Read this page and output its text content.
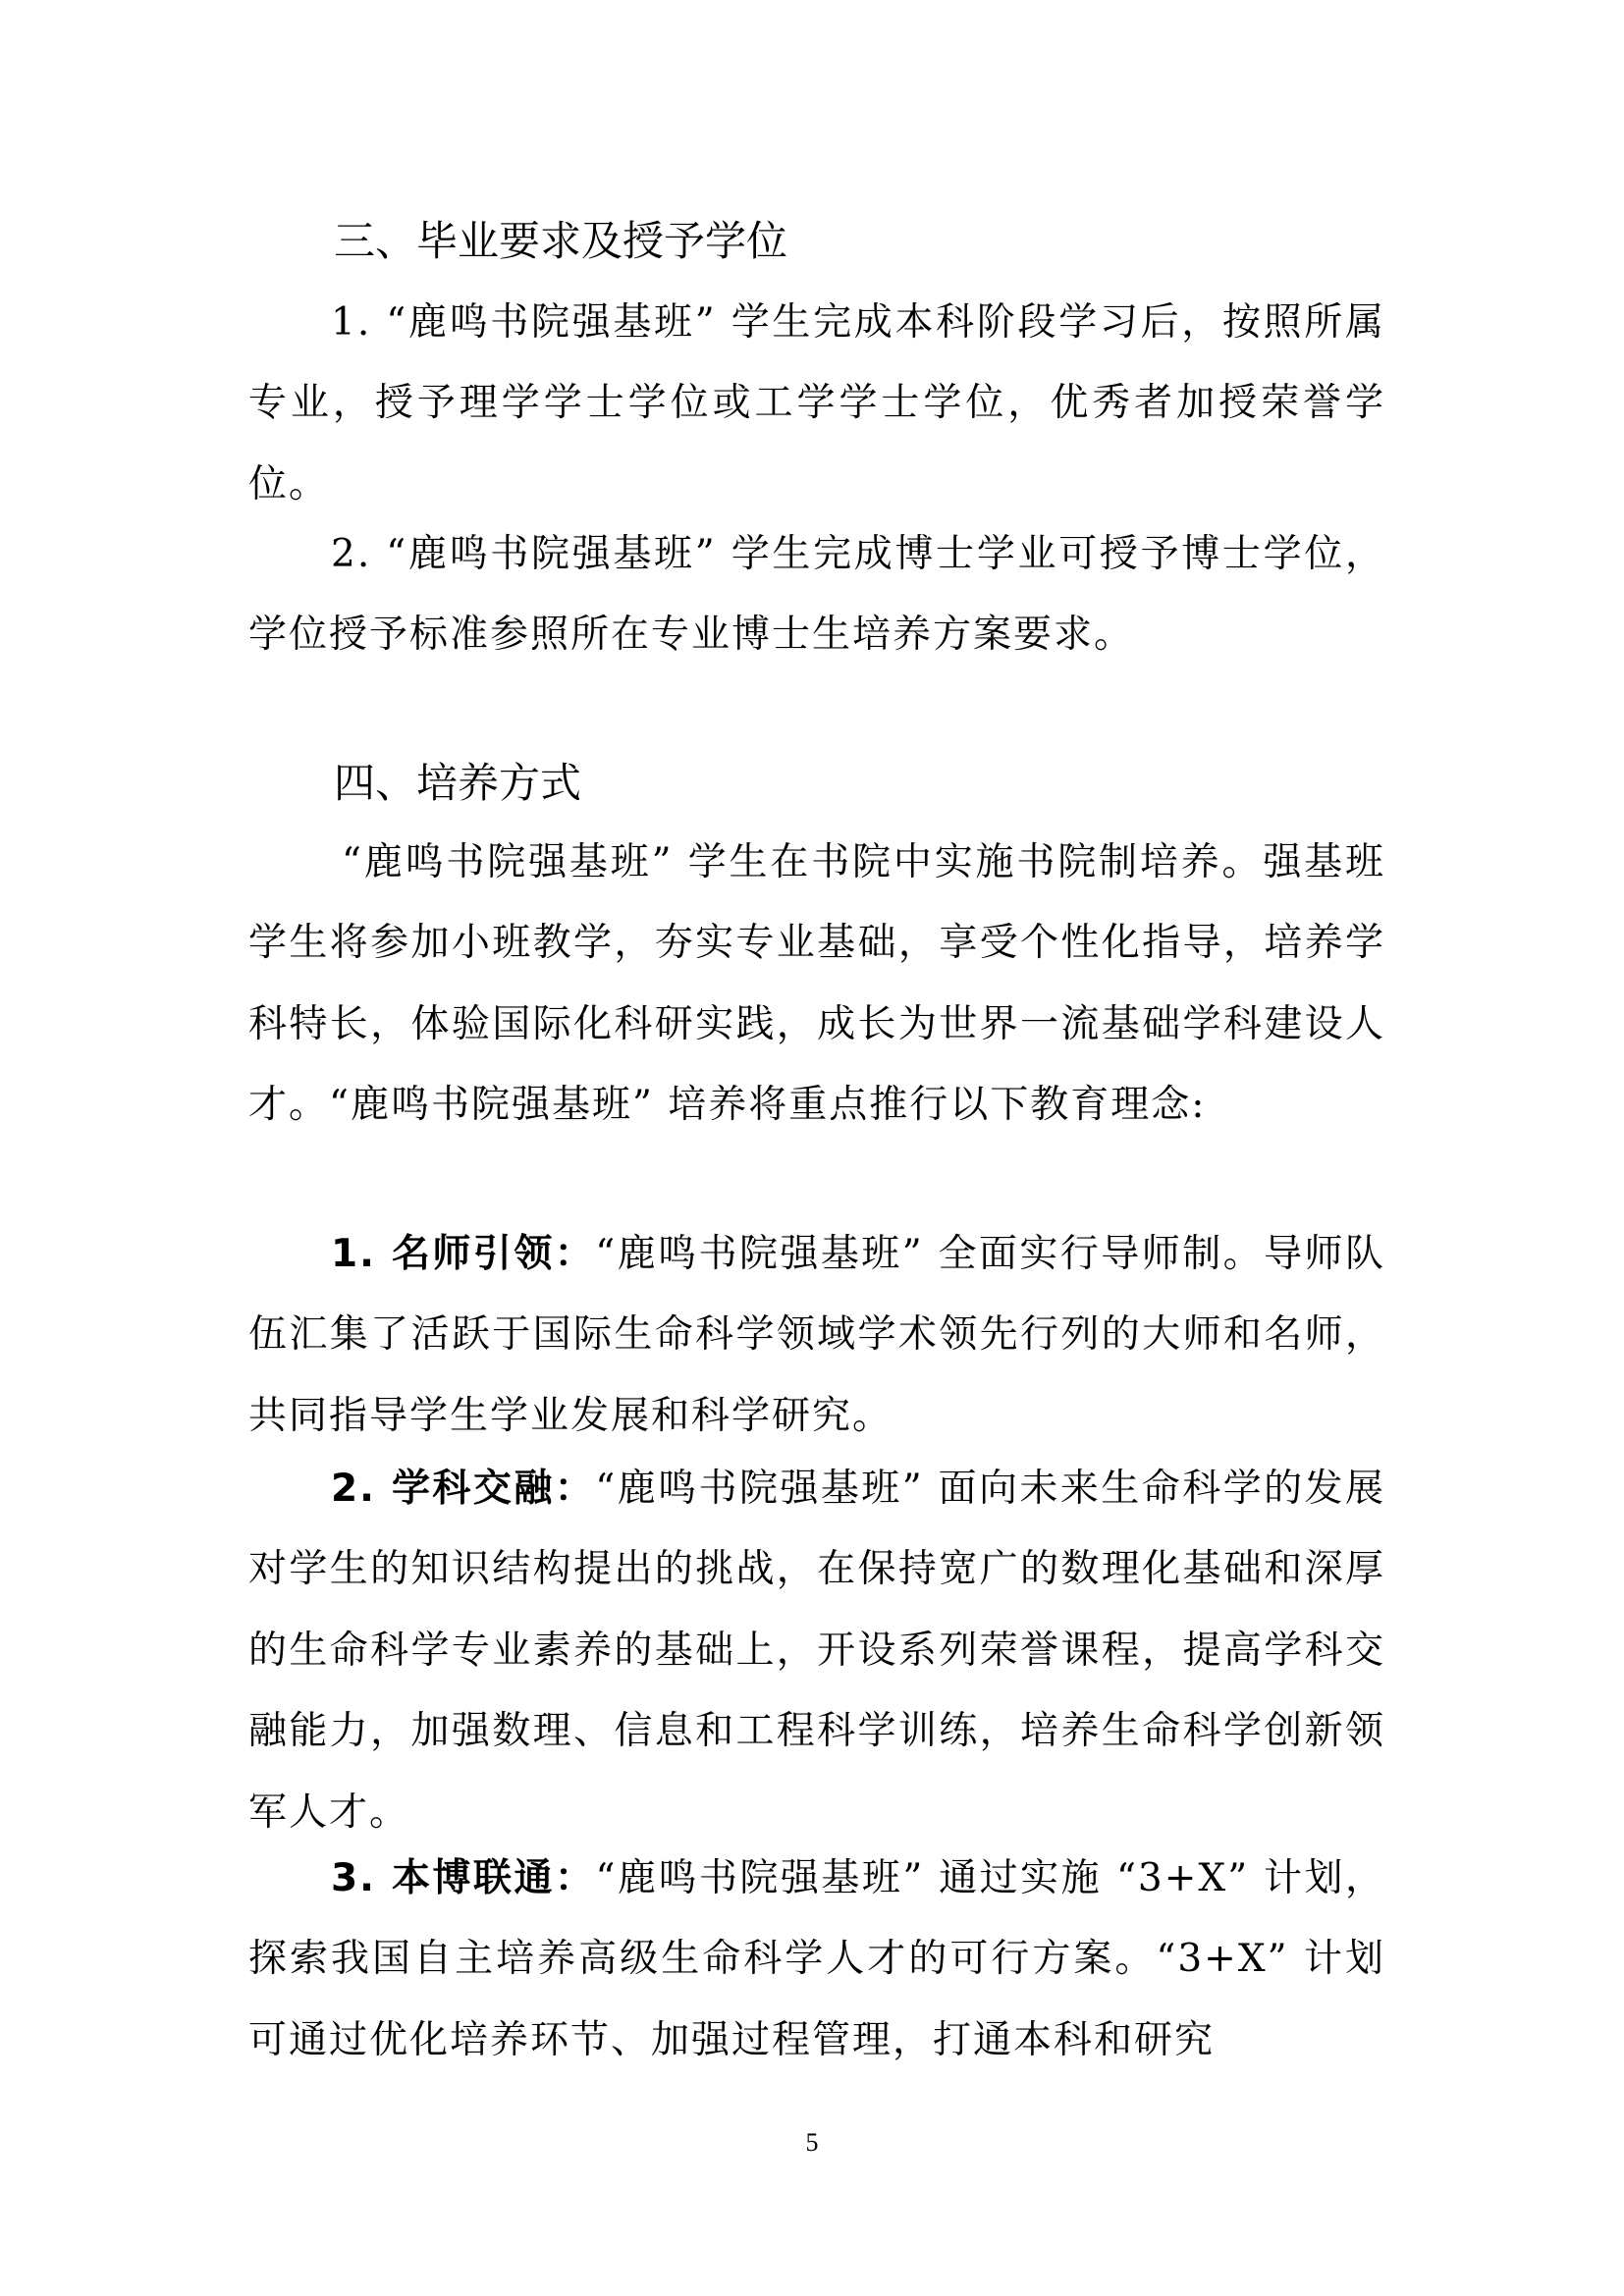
三、毕业要求及授予学位

1. “鹿鸣书院强基班” 学生完成本科阶段学习后，按照所属专业，授予理学学士学位或工学学士学位，优秀者加授荣誉学位。

2. “鹿鸣书院强基班” 学生完成博士学业可授予博士学位，学位授予标准参照所在专业博士生培养方案要求。

四、培养方式

“鹿鸣书院强基班” 学生在书院中实施书院制培养。强基班学生将参加小班教学，夯实专业基础，享受个性化指导，培养学科特长，体验国际化科研实践，成长为世界一流基础学科建设人才。“鹿鸣书院强基班” 培养将重点推行以下教育理念:

1. 名师引领：“鹿鸣书院强基班” 全面实行导师制。导师队伍汇集了活跃于国际生命科学领域学术领先行列的大师和名师，共同指导学生学业发展和科学研究。

2. 学科交融：“鹿鸣书院强基班” 面向未来生命科学的发展对学生的知识结构提出的挑战，在保持宽广的数理化基础和深厚的生命科学专业素养的基础上，开设系列荣誉课程，提高学科交融能力，加强数理、信息和工程科学训练，培养生命科学创新领军人才。

3. 本博联通：“鹿鸣书院强基班” 通过实施 “3+X” 计划，探索我国自主培养高级生命科学人才的可行方案。“3+X” 计划可通过优化培养环节、加强过程管理，打通本科和研究

5
